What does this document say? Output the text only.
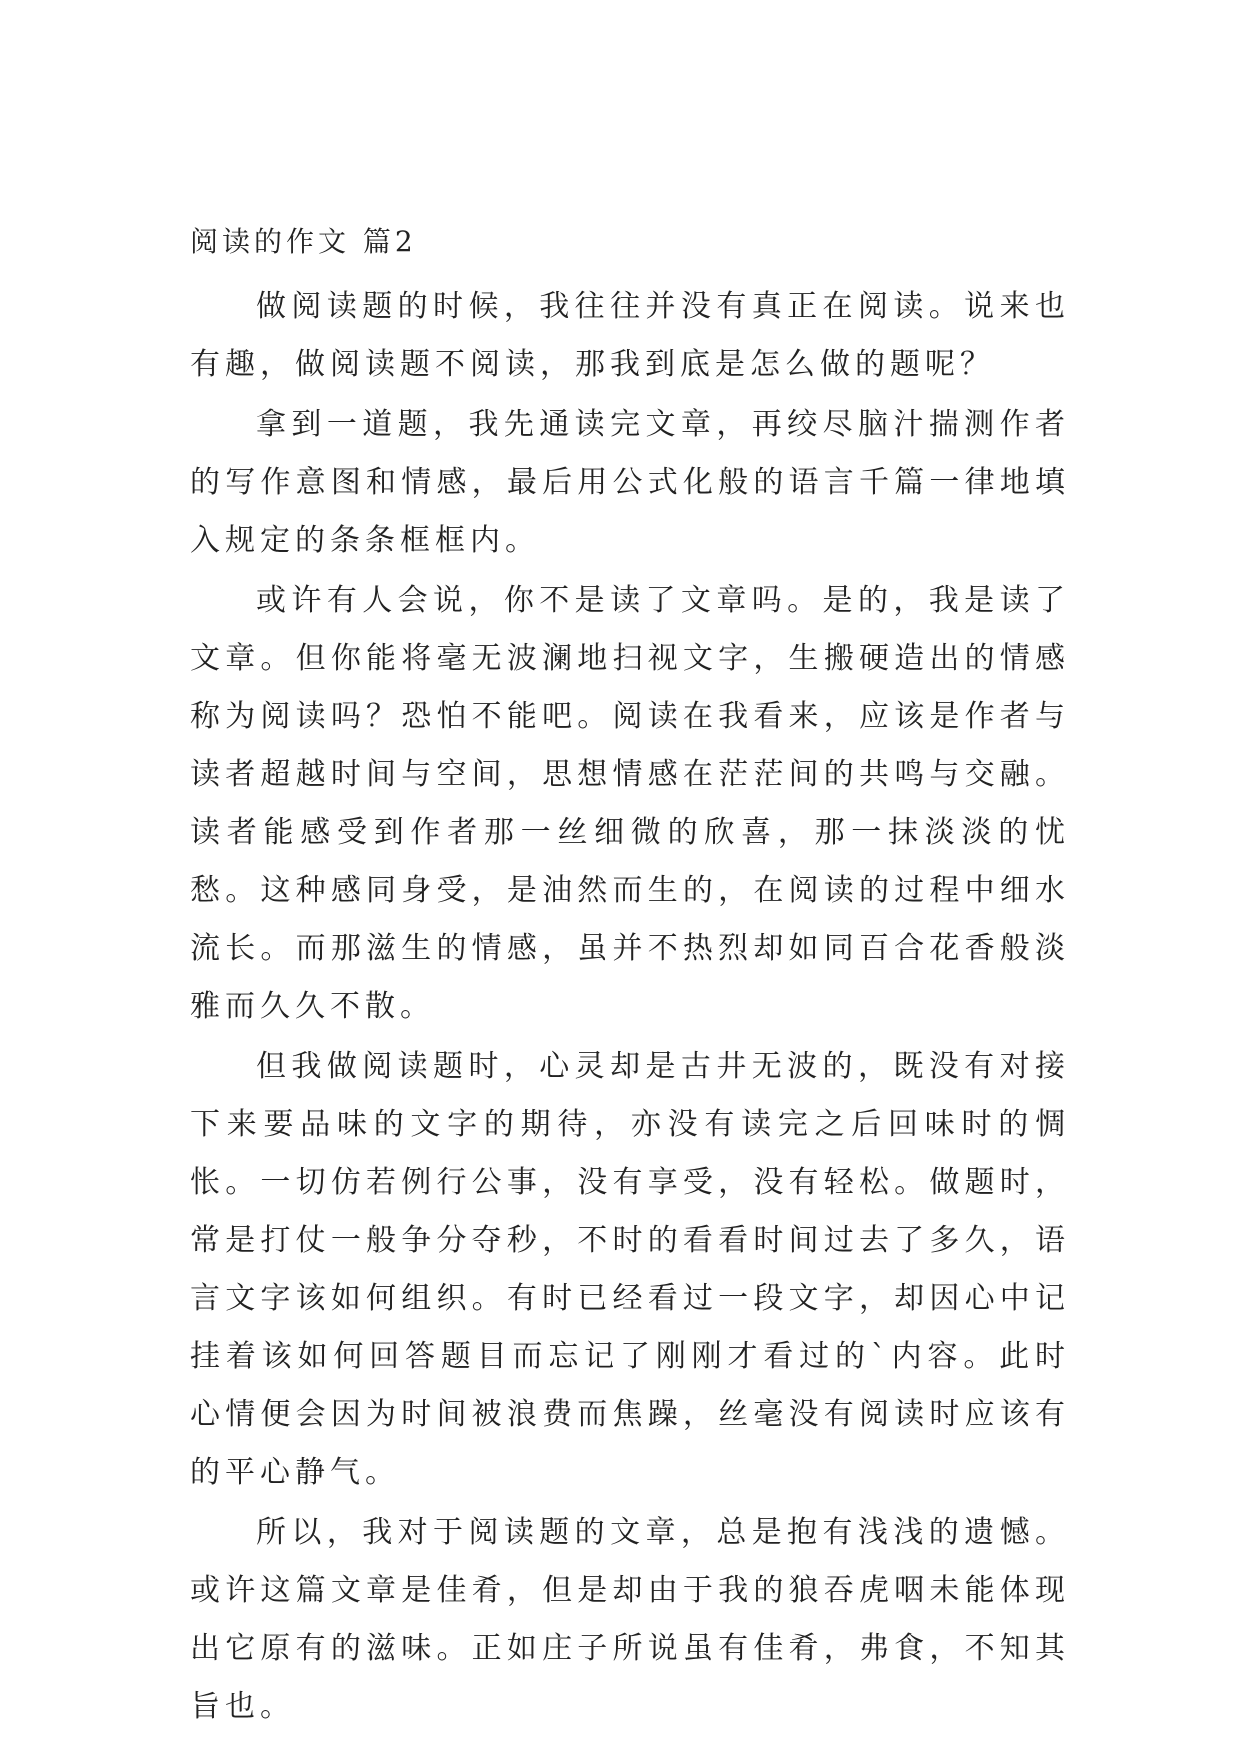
阅读的作文 篇2

做阅读题的时候，我往往并没有真正在阅读。说来也有趣，做阅读题不阅读，那我到底是怎么做的题呢？

拿到一道题，我先通读完文章，再绞尽脑汁揣测作者的写作意图和情感，最后用公式化般的语言千篇一律地填入规定的条条框框内。

或许有人会说，你不是读了文章吗。是的，我是读了文章。但你能将毫无波澜地扫视文字，生搬硬造出的情感称为阅读吗？恐怕不能吧。阅读在我看来，应该是作者与读者超越时间与空间，思想情感在茫茫间的共鸣与交融。读者能感受到作者那一丝细微的欣喜，那一抹淡淡的忧愁。这种感同身受，是油然而生的，在阅读的过程中细水流长。而那滋生的情感，虽并不热烈却如同百合花香般淡雅而久久不散。

但我做阅读题时，心灵却是古井无波的，既没有对接下来要品味的文字的期待，亦没有读完之后回味时的惆怅。一切仿若例行公事，没有享受，没有轻松。做题时，常是打仗一般争分夺秒，不时的看看时间过去了多久，语言文字该如何组织。有时已经看过一段文字，却因心中记挂着该如何回答题目而忘记了刚刚才看过的`内容。此时心情便会因为时间被浪费而焦躁，丝毫没有阅读时应该有的平心静气。

所以，我对于阅读题的文章，总是抱有浅浅的遗憾。或许这篇文章是佳肴，但是却由于我的狼吞虎咽未能体现出它原有的滋味。正如庄子所说虽有佳肴，弗食，不知其旨也。
